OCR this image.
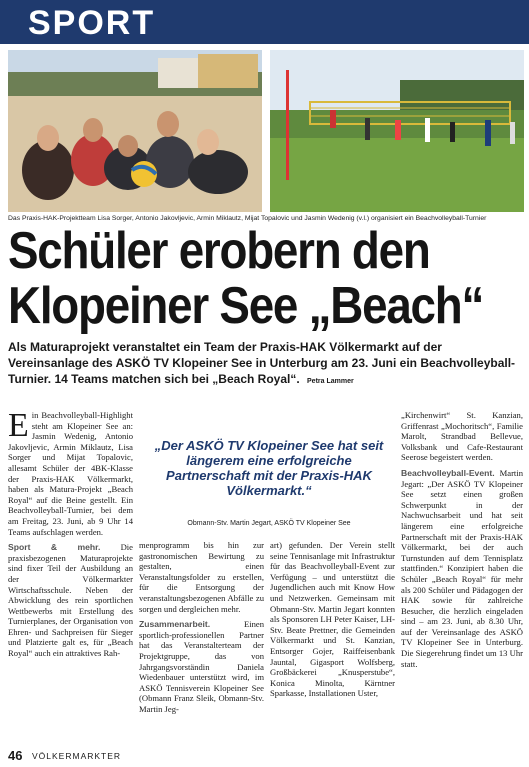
SPORT
Das Praxis-HAK-Projektteam Lisa Sorger, Antonio Jakovljevic, Armin Miklautz, Mijat Topalovic und Jasmin Wedenig (v.l.) organisiert ein Beachvolleyball-Turnier
Schüler erobern den
Klopeiner See „Beach“
Als Maturaprojekt veranstaltet ein Team der Praxis-HAK Völkermarkt auf der Vereinsanlage des ASKÖ TV Klopeiner See in Unterburg am 23. Juni ein Beachvolleyball-Turnier. 14 Teams matchen sich bei „Beach Royal“. Petra Lammer

Ein Beachvolleyball-Highlight steht am Klopeiner See an: Jasmin Wedenig, Antonio Jakovljevic, Armin Miklautz, Lisa Sorger und Mijat Topalovic, allesamt Schüler der 4BK-Klasse der Praxis-HAK Völkermarkt, haben als Matura-Projekt „Beach Royal“ auf die Beine gestellt. Ein Beachvolleyball-Turnier, bei dem am Freitag, 23. Juni, ab 9 Uhr 14 Teams aufschlagen werden.

Sport & mehr. Die praxisbezogenen Maturaprojekte sind fixer Teil der Ausbildung an der Völkermarkter Wirtschaftsschule. Neben der Abwicklung des rein sportlichen Wettbewerbs mit Erstellung des Turnierplanes, der Organisation von Ehren- und Sachpreisen für Sieger und Platzierte galt es, für „Beach Royal“ auch ein attraktives Rah-

„Der ASKÖ TV Klopeiner See hat seit längerem eine erfolgreiche Partnerschaft mit der Praxis-HAK Völkermarkt.“
Obmann-Stv. Martin Jegart, ASKÖ TV Klopeiner See

menprogramm bis hin zur gastronomischen Bewirtung zu gestalten, einen Veranstaltungsfolder zu erstellen, für die Entsorgung der veranstaltungsbezogenen Abfälle zu sorgen und dergleichen mehr.

Zusammenarbeit.	Einen sportlich-professionellen Partner hat das Veranstalterteam der Projektgruppe, das von Jahrgangsvorständin Daniela Wiedenbauer unterstützt wird, im ASKÖ Tennisverein Klopeiner See (Obmann Franz Sleik, Obmann-Stv. Martin Jeg-

art) gefunden. Der Verein stellt seine Tennisanlage mit Infrastruktur für das Beachvolleyball-Event zur Verfügung – und unterstützt die Jugendlichen auch mit Know How und Netzwerken. Gemeinsam mit Obmann-Stv. Martin Jegart konnten als Sponsoren LH Peter Kaiser, LH-Stv. Beate Prettner, die Gemeinden Völkermarkt und St. Kanzian, Entsorger Gojer, Raiffeisenbank Jauntal, Gigasport Wolfsberg, Großbäckerei „Knusperstube“, Konica Minolta, Kärntner Sparkasse, Installationen Uster,

„Kirchenwirt“ St. Kanzian, Griffenrast „Mochoritsch“, Familie Marolt, Strandbad Bellevue, Volksbank und Cafe-Restaurant Seerose begeistert werden.

Beachvolleyball-Event. Martin Jegart: „Der ASKÖ TV Klopeiner See setzt einen großen Schwerpunkt in der Nachwuchsarbeit und hat seit längerem eine erfolgreiche Partnerschaft mit der Praxis-HAK Völkermarkt, bei der auch Turnstunden auf dem Tennisplatz stattfinden.“ Konzipiert haben die Schüler „Beach Royal“ für mehr als 200 Schüler und Pädagogen der HAK sowie für zahlreiche Besucher, die herzlich eingeladen sind – am 23. Juni, ab 8.30 Uhr, auf der Vereinsanlage des ASKÖ TV Klopeiner See in Unterburg. Die Siegerehrung findet um 13 Uhr statt.

46 VÖLKERMARKTER
